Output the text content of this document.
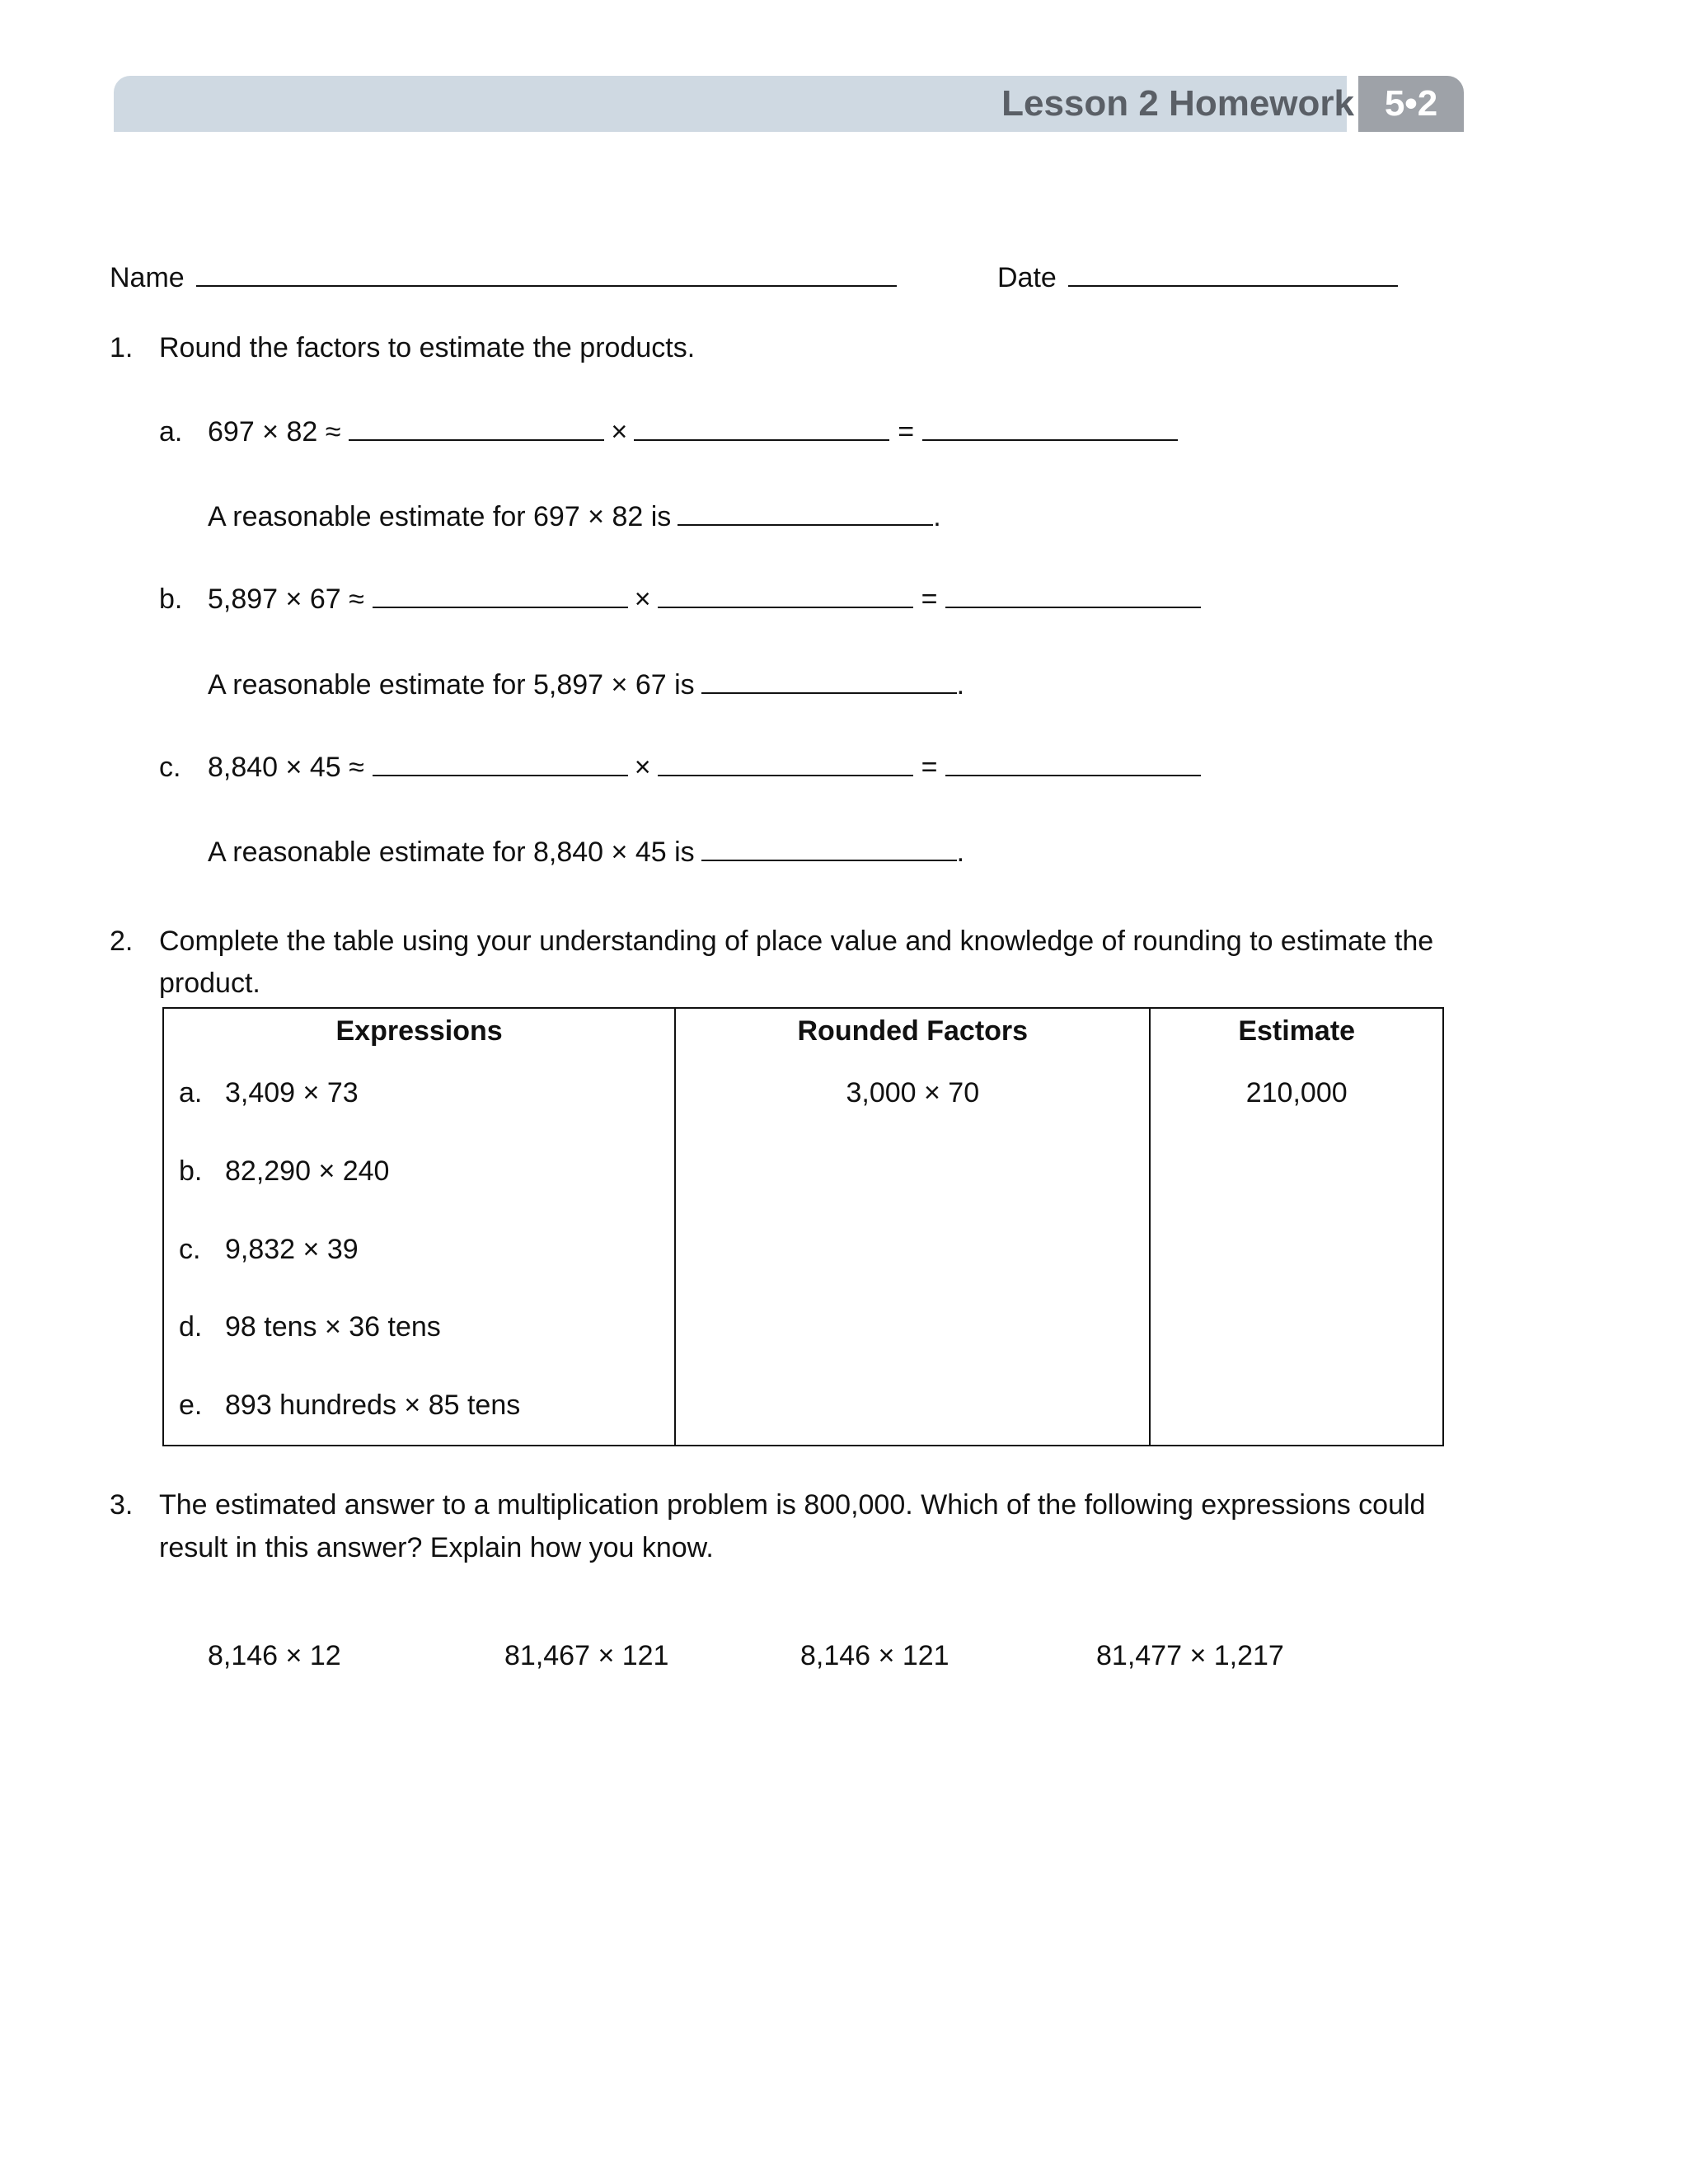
Lesson 2 Homework 5•2
Name	Date
1. Round the factors to estimate the products.
a. 697 × 82 ≈	×	=
A reasonable estimate for 697 × 82 is	.
b. 5,897 × 67 ≈	×	=
A reasonable estimate for 5,897 × 67 is	.
c. 8,840 × 45 ≈	×	=
A reasonable estimate for 8,840 × 45 is	.
2. Complete the table using your understanding of place value and knowledge of rounding to estimate the
product.
Expressions	Rounded Factors	Estimate
a. 3,409 × 73	3,000 × 70	210,000
b. 82,290 × 240		
c. 9,832 × 39		
d. 98 tens × 36 tens		
e. 893 hundreds × 85 tens		
3. The estimated answer to a multiplication problem is 800,000. Which of the following expressions could
result in this answer? Explain how you know.
8,146 × 12	81,467 × 121	8,146 × 121	81,477 × 1,217
